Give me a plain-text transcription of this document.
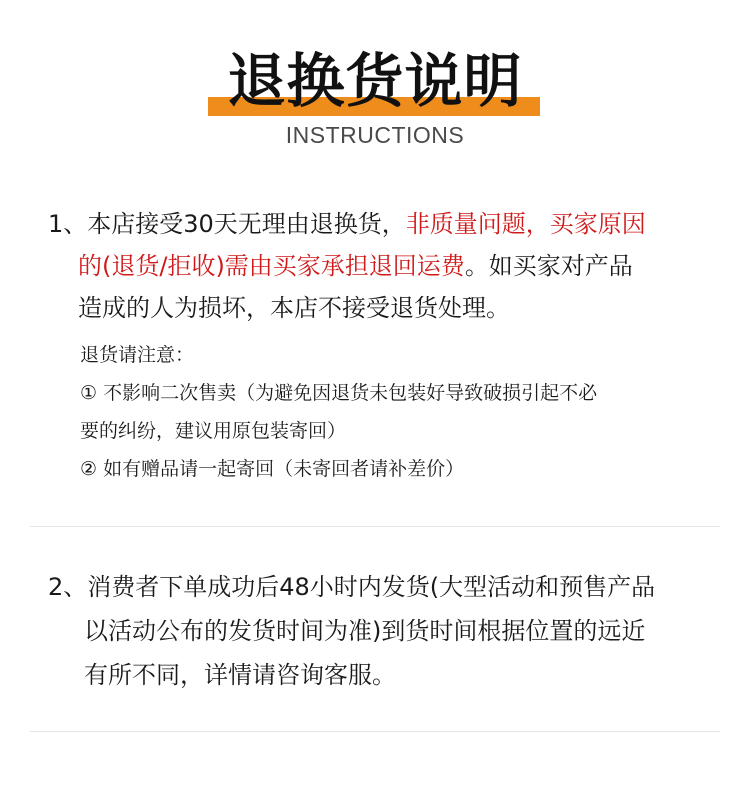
退换货说明
INSTRUCTIONS
1、本店接受30天无理由退换货，非质量问题，买家原因
的(退货/拒收)需由买家承担退回运费。如买家对产品
造成的人为损坏，本店不接受退货处理。
退货请注意：
① 不影响二次售卖（为避免因退货未包装好导致破损引起不必
要的纠纷，建议用原包装寄回）
② 如有赠品请一起寄回（未寄回者请补差价）
2、消费者下单成功后48小时内发货(大型活动和预售产品
以活动公布的发货时间为准)到货时间根据位置的远近
有所不同，详情请咨询客服。
